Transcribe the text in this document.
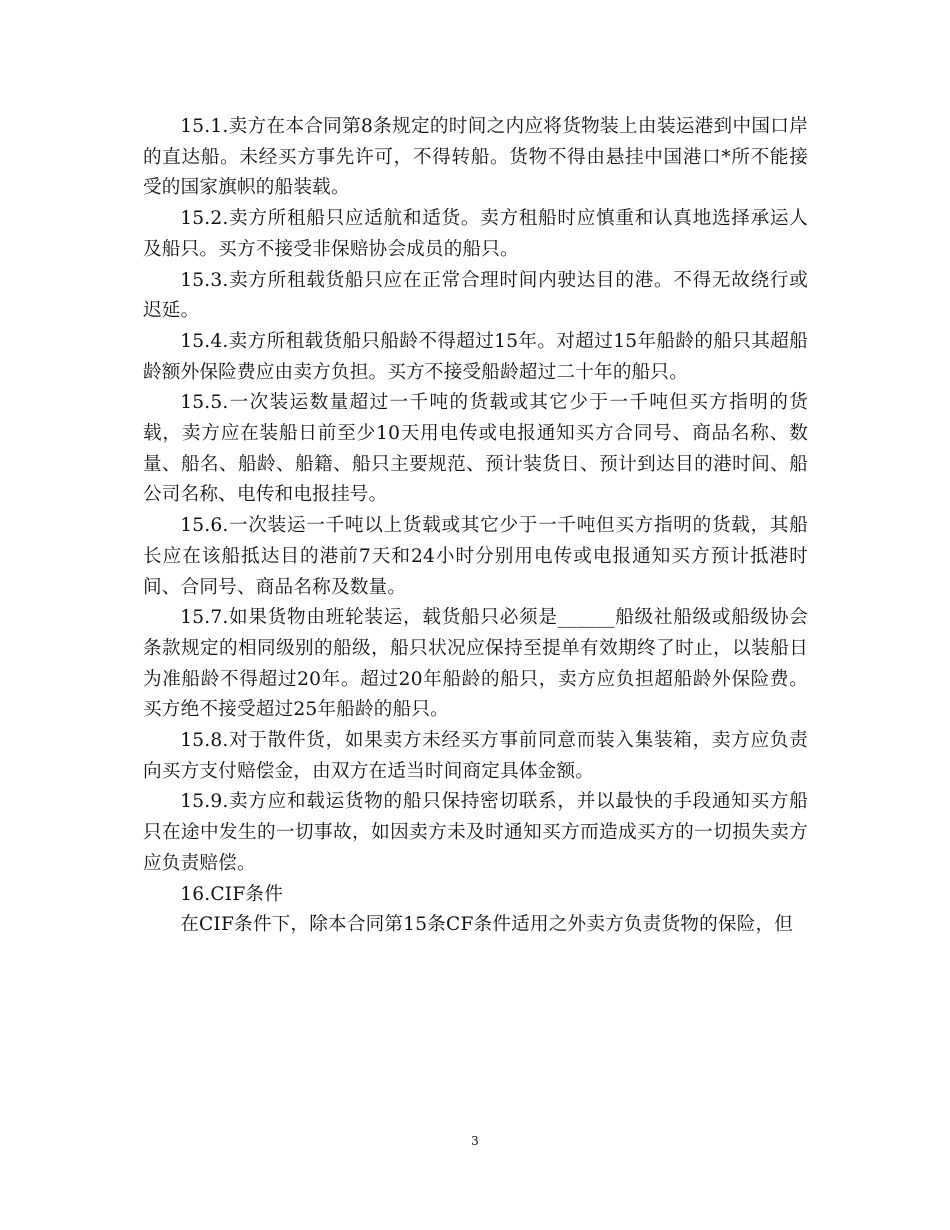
15.1.卖方在本合同第8条规定的时间之内应将货物装上由装运港到中国口岸的直达船。未经买方事先许可，不得转船。货物不得由悬挂中国港口*所不能接受的国家旗帜的船装载。

15.2.卖方所租船只应适航和适货。卖方租船时应慎重和认真地选择承运人及船只。买方不接受非保赔协会成员的船只。

15.3.卖方所租载货船只应在正常合理时间内驶达目的港。不得无故绕行或迟延。

15.4.卖方所租载货船只船龄不得超过15年。对超过15年船龄的船只其超船龄额外保险费应由卖方负担。买方不接受船龄超过二十年的船只。

15.5.一次装运数量超过一千吨的货载或其它少于一千吨但买方指明的货载，卖方应在装船日前至少10天用电传或电报通知买方合同号、商品名称、数量、船名、船龄、船籍、船只主要规范、预计装货日、预计到达目的港时间、船公司名称、电传和电报挂号。

15.6.一次装运一千吨以上货载或其它少于一千吨但买方指明的货载，其船长应在该船抵达目的港前7天和24小时分别用电传或电报通知买方预计抵港时间、合同号、商品名称及数量。

15.7.如果货物由班轮装运，载货船只必须是______船级社船级或船级协会条款规定的相同级别的船级，船只状况应保持至提单有效期终了时止，以装船日为准船龄不得超过20年。超过20年船龄的船只，卖方应负担超船龄外保险费。买方绝不接受超过25年船龄的船只。

15.8.对于散件货，如果卖方未经买方事前同意而装入集装箱，卖方应负责向买方支付赔偿金，由双方在适当时间商定具体金额。

15.9.卖方应和载运货物的船只保持密切联系，并以最快的手段通知买方船只在途中发生的一切事故，如因卖方未及时通知买方而造成买方的一切损失卖方应负责赔偿。

16.CIF条件

在CIF条件下，除本合同第15条CF条件适用之外卖方负责货物的保险，但

3
